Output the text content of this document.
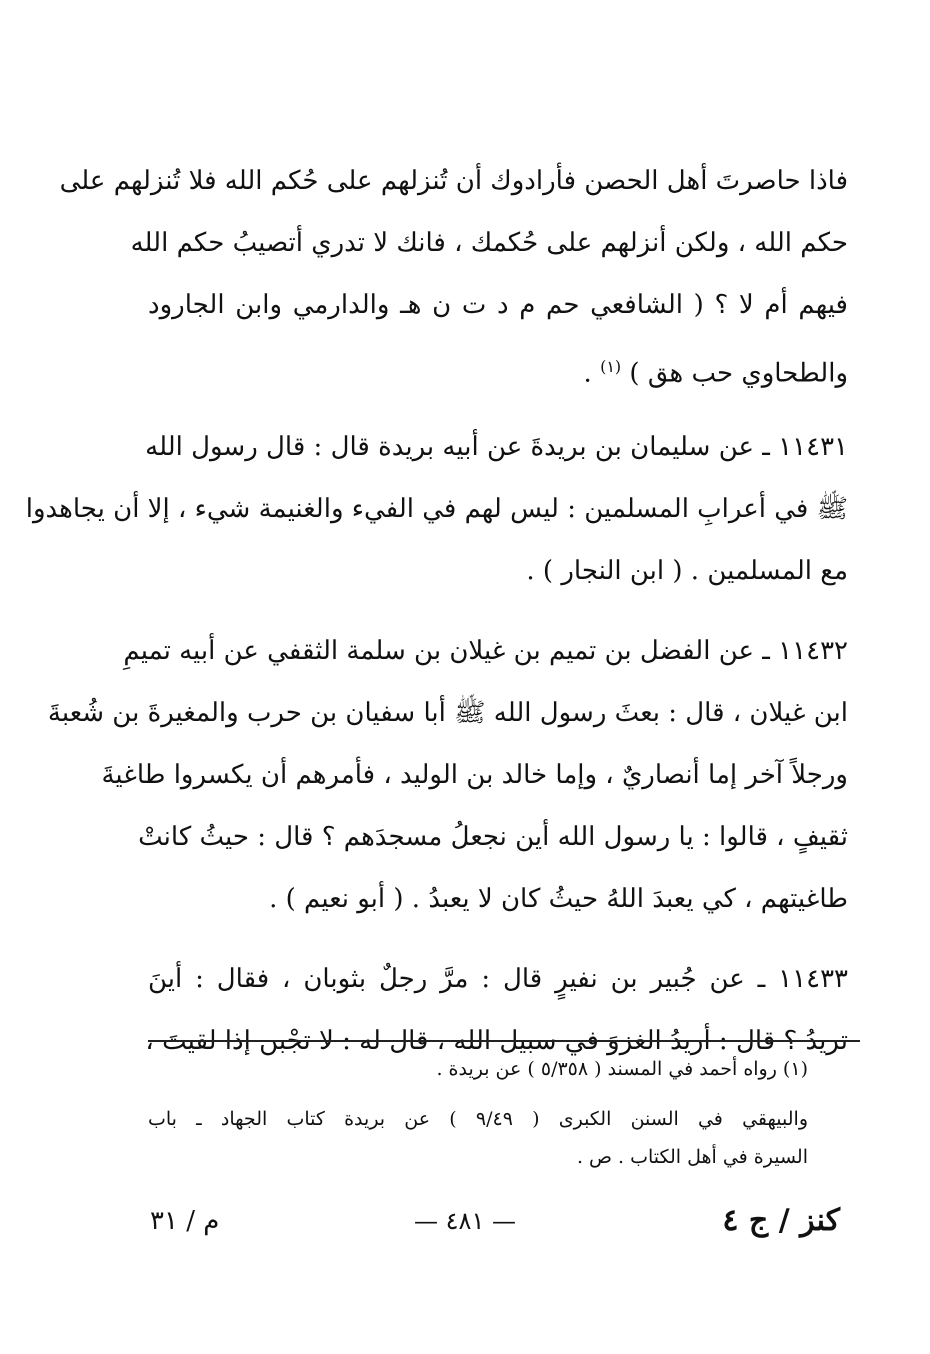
فاذا حاصرتَ أهل الحصن فأرادوك أن تُنزلهم على حُكم الله فلا تُنزلهم على
حكم الله ، ولكن أنزلهم على حُكمك ، فانك لا تدري أتصيبُ حكم الله
فيهم أم لا ؟ ( الشافعي حم م د ت ن هـ والدارمي وابن الجارود
والطحاوي حب هق ) $^{(١)}$ .
١١٤٣١ ـ عن سليمان بن بريدةَ عن أبيه بريدة قال : قال رسول الله
ﷺ في أعرابِ المسلمين : ليس لهم في الفيء والغنيمة شيء ، إلا أن يجاهدوا
مع المسلمين . ( ابن النجار ) .
١١٤٣٢ ـ عن الفضل بن تميم بن غيلان بن سلمة الثقفي عن أبيه تميمِ
ابن غيلان ، قال : بعثَ رسول الله ﷺ أبا سفيان بن حرب والمغيرةَ بن شُعبةَ
ورجلاً آخر إما أنصاريٌ ، وإما خالد بن الوليد ، فأمرهم أن يكسروا طاغيةَ
ثقيفٍ ، قالوا : يا رسول الله أين نجعلُ مسجدَهم ؟ قال : حيثُ كانتْ
طاغيتهم ، كي يعبدَ اللهُ حيثُ كان لا يعبدُ . ( أبو نعيم ) .
١١٤٣٣ ـ عن جُبير بن نفيرٍ قال : مرَّ رجلٌ بثوبان ، فقال : أينَ
تريدُ ؟ قال : أريدُ الغزوَ في سبيل الله ، قال له : لا تجْبن إذا لقيتَ ،
(١) رواه أحمد في المسند ( ٥/٣٥٨ ) عن بريدة .
والبيهقي في السنن الكبرى ( ٩/٤٩ ) عن بريدة كتاب الجهاد ـ باب
السيرة في أهل الكتاب . ص .
كنز / ج ٤
— ٤٨١ —
م / ٣١
